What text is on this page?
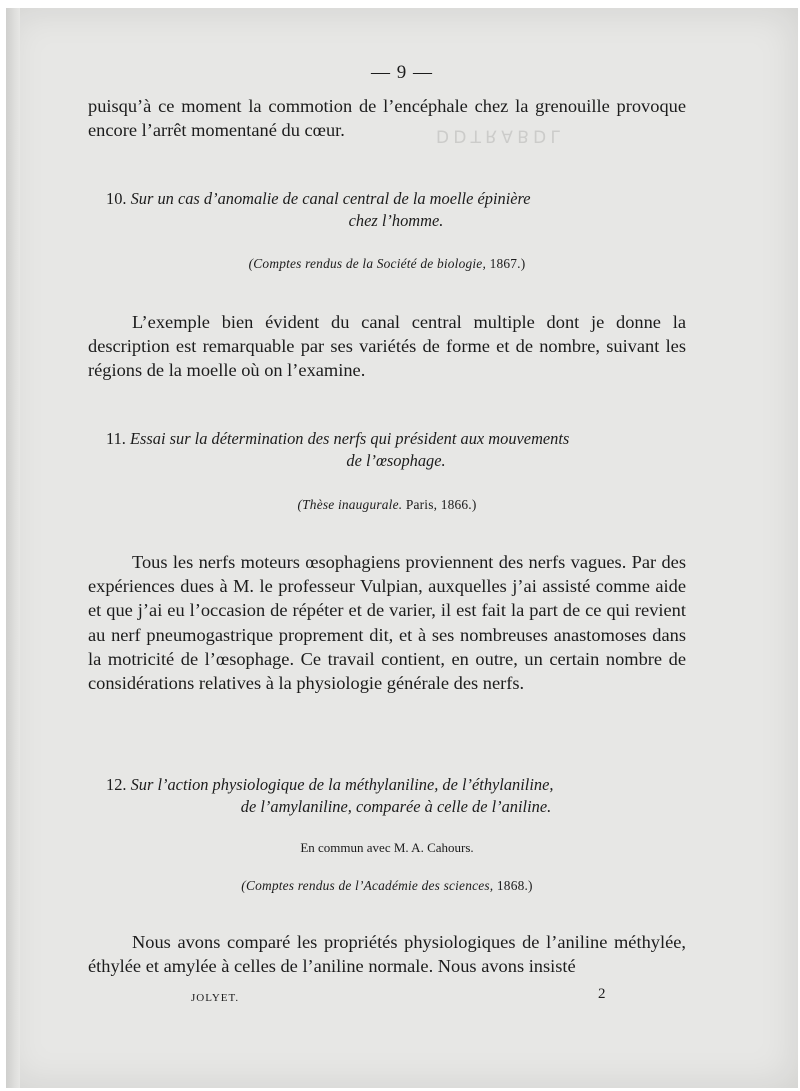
ꓶ ꓷ ꓭ ꓯ ꓤ ꓕ ꓷ ꓷ
— 9 —

puisqu’à ce moment la commotion de l’encéphale chez la grenouille provoque encore l’arrêt momentané du cœur.

10. Sur un cas d’anomalie de canal central de la moelle épinière
chez l’homme.
(Comptes rendus de la Société de biologie, 1867.)

L’exemple bien évident du canal central multiple dont je donne la description est remarquable par ses variétés de forme et de nombre, suivant les régions de la moelle où on l’examine.

11. Essai sur la détermination des nerfs qui président aux mouvements
de l’œsophage.
(Thèse inaugurale. Paris, 1866.)

Tous les nerfs moteurs œsophagiens proviennent des nerfs vagues. Par des expériences dues à M. le professeur Vulpian, auxquelles j’ai assisté comme aide et que j’ai eu l’occasion de répéter et de varier, il est fait la part de ce qui revient au nerf pneumogastrique proprement dit, et à ses nombreuses anastomoses dans la motricité de l’œsophage. Ce travail contient, en outre, un certain nombre de considérations relatives à la physiologie générale des nerfs.

12. Sur l’action physiologique de la méthylaniline, de l’éthylaniline,
de l’amylaniline, comparée à celle de l’aniline.
En commun avec M. A. Cahours.
(Comptes rendus de l’Académie des sciences, 1868.)

Nous avons comparé les propriétés physiologiques de l’aniline méthylée, éthylée et amylée à celles de l’aniline normale. Nous avons insisté

JOLYET.	2
